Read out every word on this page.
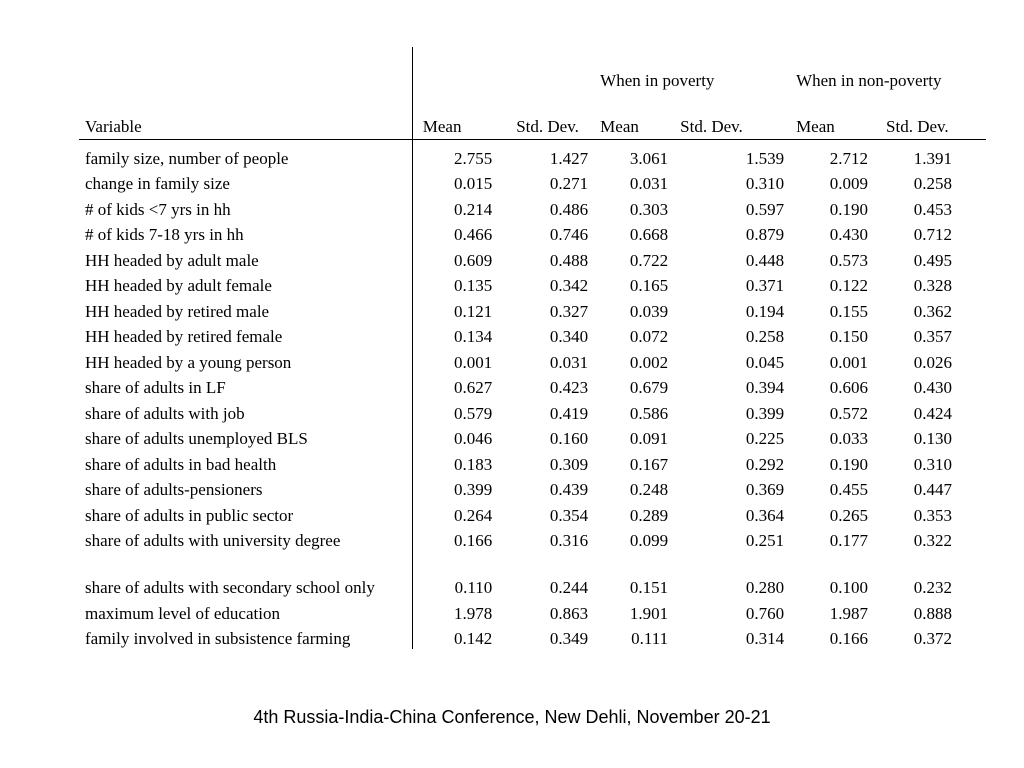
			When in poverty		When in non-poverty	
Variable	Mean	Std. Dev.	Mean	Std. Dev.	Mean	Std. Dev.
family size, number of people	2.755	1.427	3.061	1.539	2.712	1.391
change in family size	0.015	0.271	0.031	0.310	0.009	0.258
# of kids <7 yrs in hh	0.214	0.486	0.303	0.597	0.190	0.453
# of kids 7-18 yrs in hh	0.466	0.746	0.668	0.879	0.430	0.712
HH headed by adult male	0.609	0.488	0.722	0.448	0.573	0.495
HH headed by adult female	0.135	0.342	0.165	0.371	0.122	0.328
HH headed by retired male	0.121	0.327	0.039	0.194	0.155	0.362
HH headed by retired female	0.134	0.340	0.072	0.258	0.150	0.357
HH headed by a young person	0.001	0.031	0.002	0.045	0.001	0.026
share of adults in LF	0.627	0.423	0.679	0.394	0.606	0.430
share of adults with job	0.579	0.419	0.586	0.399	0.572	0.424
share of adults unemployed BLS	0.046	0.160	0.091	0.225	0.033	0.130
share of adults in bad health	0.183	0.309	0.167	0.292	0.190	0.310
share of adults-pensioners	0.399	0.439	0.248	0.369	0.455	0.447
share of adults in public sector	0.264	0.354	0.289	0.364	0.265	0.353
share of adults with university degree	0.166	0.316	0.099	0.251	0.177	0.322
share of adults with secondary school only	0.110	0.244	0.151	0.280	0.100	0.232
maximum level of education	1.978	0.863	1.901	0.760	1.987	0.888
family involved in subsistence farming	0.142	0.349	0.111	0.314	0.166	0.372
4th Russia-India-China Conference, New Dehli, November 20-21
